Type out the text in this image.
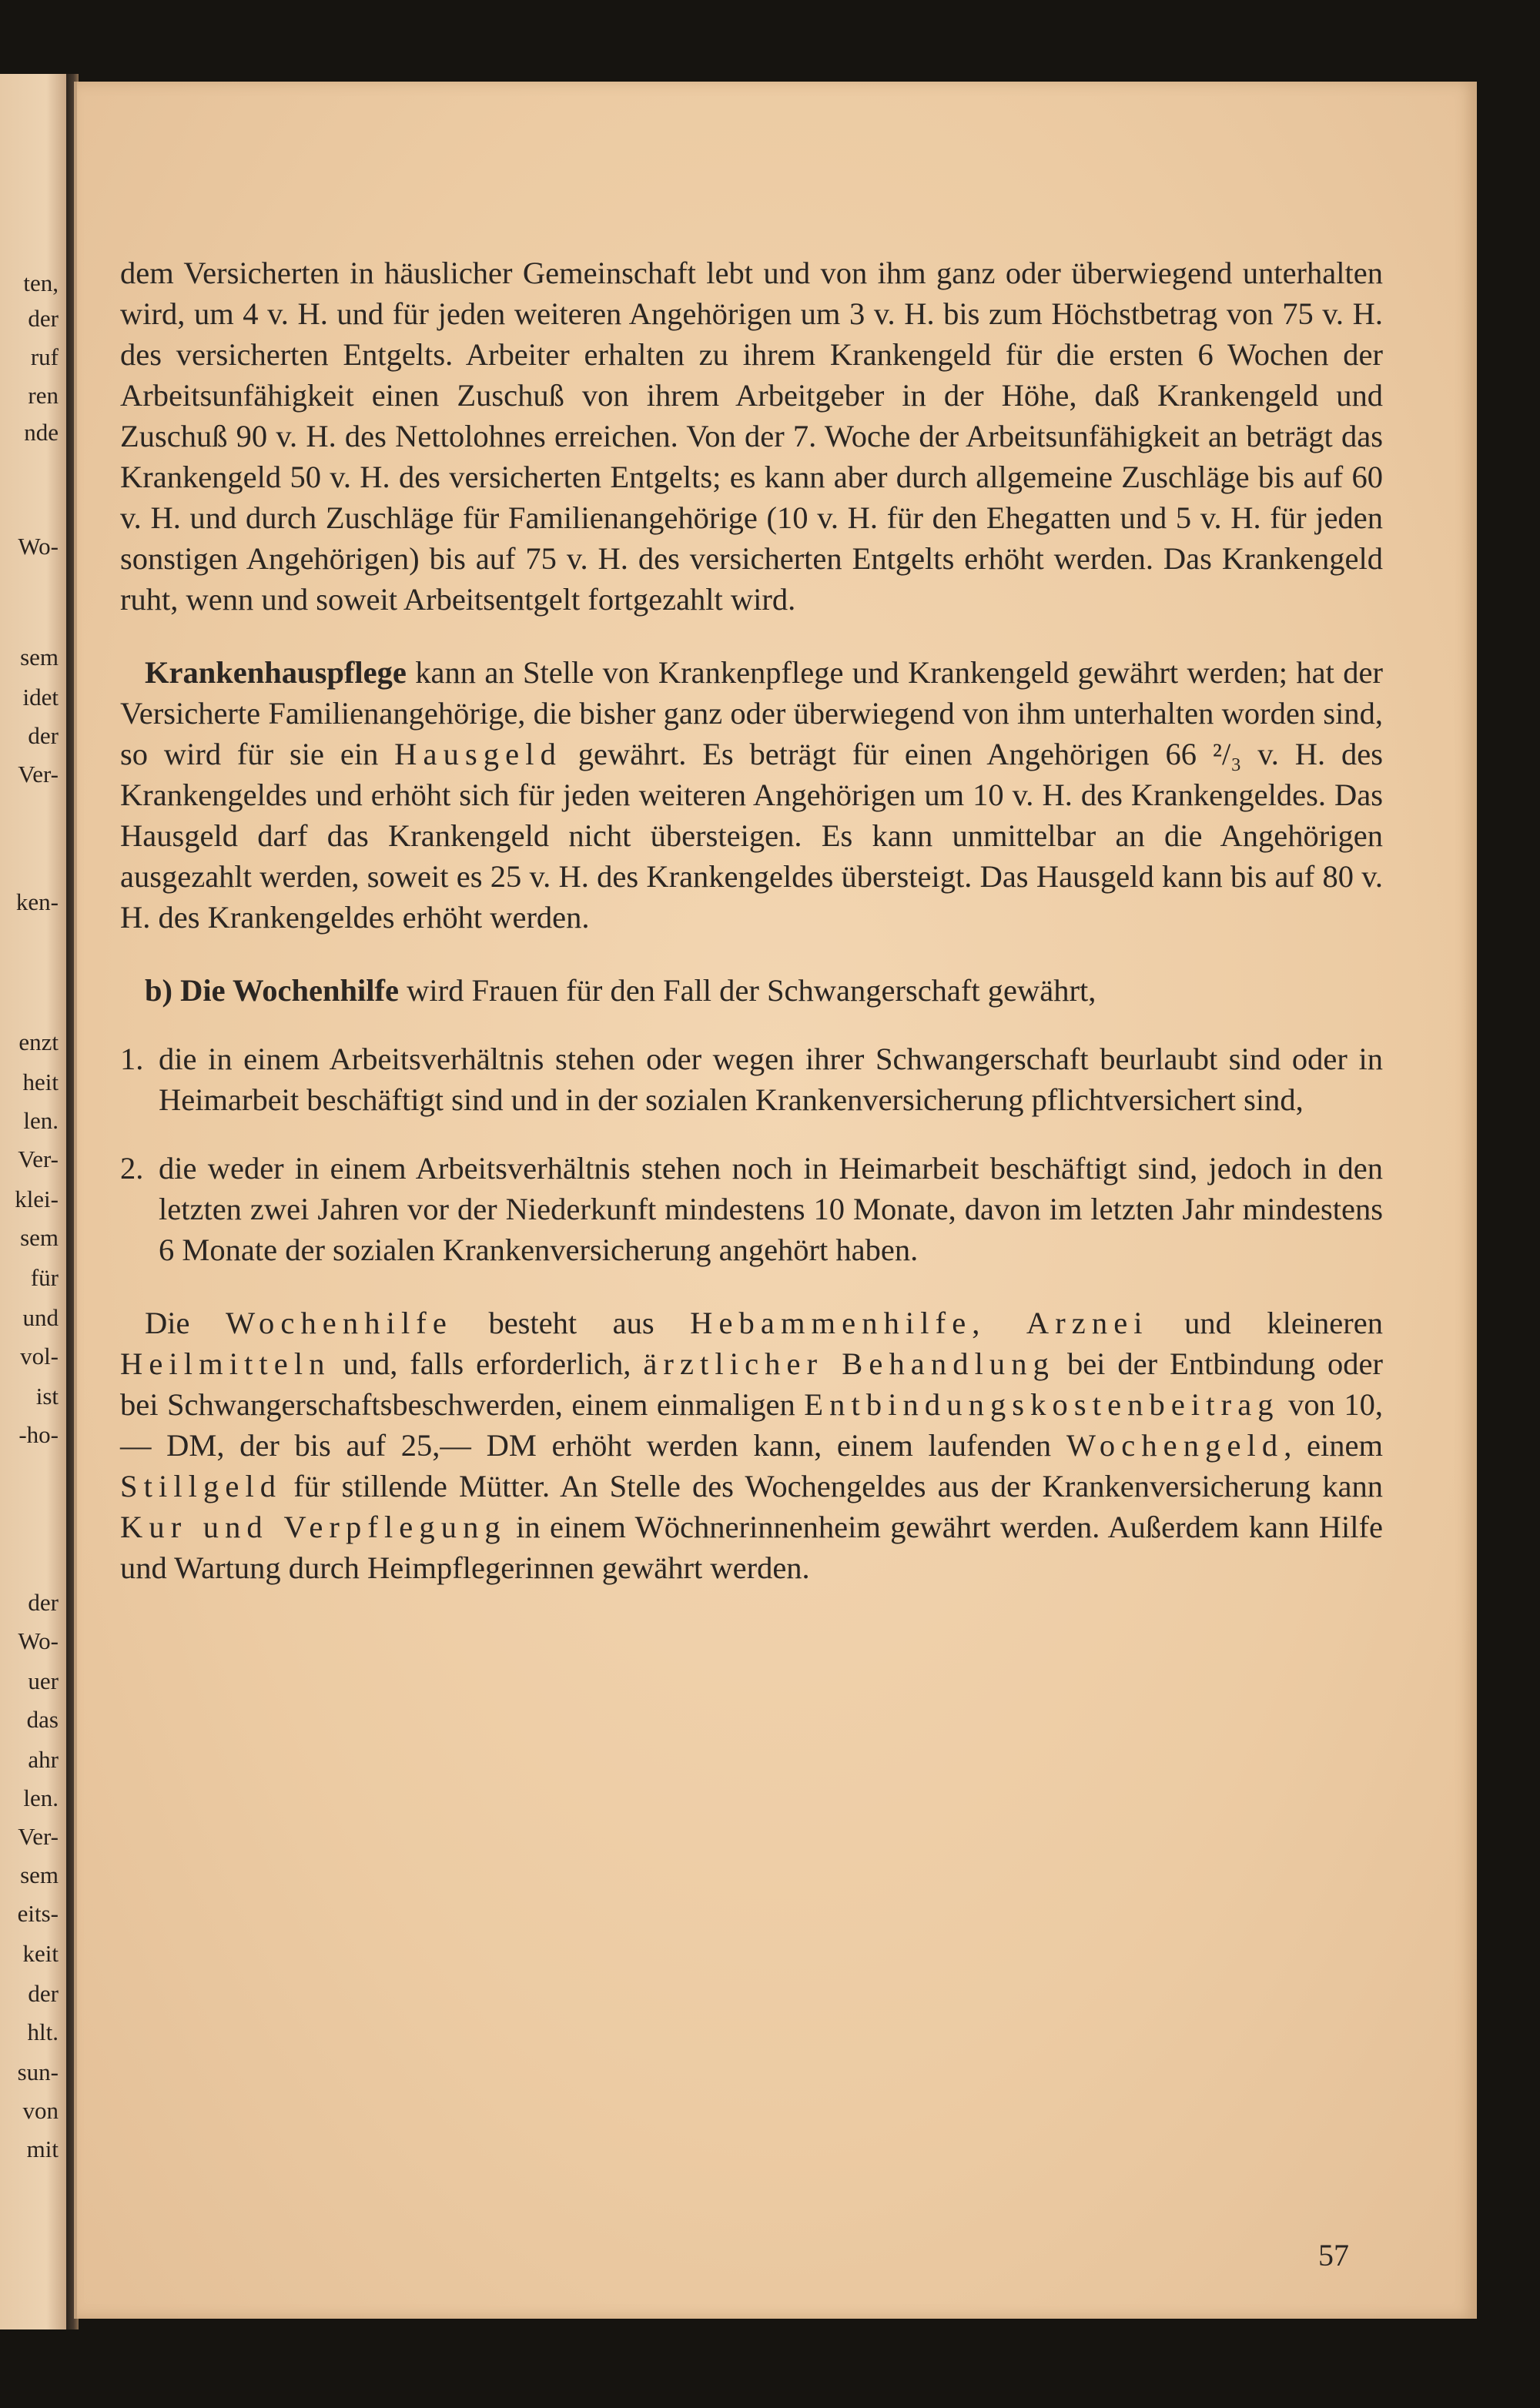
ten,
der
ruf
ren
nde
Wo-
sem
idet
der
Ver-
ken-
enzt
heit
len.
Ver-
klei-
sem
für
und
vol-
ist
-ho-
der
Wo-
uer
das
ahr
len.
Ver-
sem
eits-
keit
der
hlt.
sun-
von
mit

dem Versicherten in häuslicher Gemeinschaft lebt und von ihm ganz oder überwiegend unterhalten wird, um 4 v. H. und für jeden weiteren Angehörigen um 3 v. H. bis zum Höchstbetrag von 75 v. H. des versicherten Entgelts. Arbeiter erhalten zu ihrem Krankengeld für die ersten 6 Wochen der Arbeitsunfähigkeit einen Zuschuß von ihrem Arbeitgeber in der Höhe, daß Krankengeld und Zuschuß 90 v. H. des Nettolohnes erreichen. Von der 7. Woche der Arbeitsunfähigkeit an beträgt das Krankengeld 50 v. H. des versicherten Entgelts; es kann aber durch allgemeine Zuschläge bis auf 60 v. H. und durch Zuschläge für Familienangehörige (10 v. H. für den Ehegatten und 5 v. H. für jeden sonstigen Angehörigen) bis auf 75 v. H. des versicherten Entgelts erhöht werden. Das Krankengeld ruht, wenn und soweit Arbeitsentgelt fortgezahlt wird.

Krankenhauspflege kann an Stelle von Krankenpflege und Krankengeld gewährt werden; hat der Versicherte Familienangehörige, die bisher ganz oder überwiegend von ihm unterhalten worden sind, so wird für sie ein Hausgeld gewährt. Es beträgt für einen Angehörigen 66 ²/₃ v. H. des Krankengeldes und erhöht sich für jeden weiteren Angehörigen um 10 v. H. des Krankengeldes. Das Hausgeld darf das Krankengeld nicht übersteigen. Es kann unmittelbar an die Angehörigen ausgezahlt werden, soweit es 25 v. H. des Krankengeldes übersteigt. Das Hausgeld kann bis auf 80 v. H. des Krankengeldes erhöht werden.

b) Die Wochenhilfe wird Frauen für den Fall der Schwangerschaft gewährt,

1. die in einem Arbeitsverhältnis stehen oder wegen ihrer Schwangerschaft beurlaubt sind oder in Heimarbeit beschäftigt sind und in der sozialen Krankenversicherung pflichtversichert sind,
2. die weder in einem Arbeitsverhältnis stehen noch in Heimarbeit beschäftigt sind, jedoch in den letzten zwei Jahren vor der Niederkunft mindestens 10 Monate, davon im letzten Jahr mindestens 6 Monate der sozialen Krankenversicherung angehört haben.

Die Wochenhilfe besteht aus Hebammenhilfe, Arznei und kleineren Heilmitteln und, falls erforderlich, ärztlicher Behandlung bei der Entbindung oder bei Schwangerschaftsbeschwerden, einem einmaligen Entbindungskostenbeitrag von 10,— DM, der bis auf 25,— DM erhöht werden kann, einem laufenden Wochengeld, einem Stillgeld für stillende Mütter. An Stelle des Wochengeldes aus der Krankenversicherung kann Kur und Verpflegung in einem Wöchnerinnenheim gewährt werden. Außerdem kann Hilfe und Wartung durch Heimpflegerinnen gewährt werden.

57
